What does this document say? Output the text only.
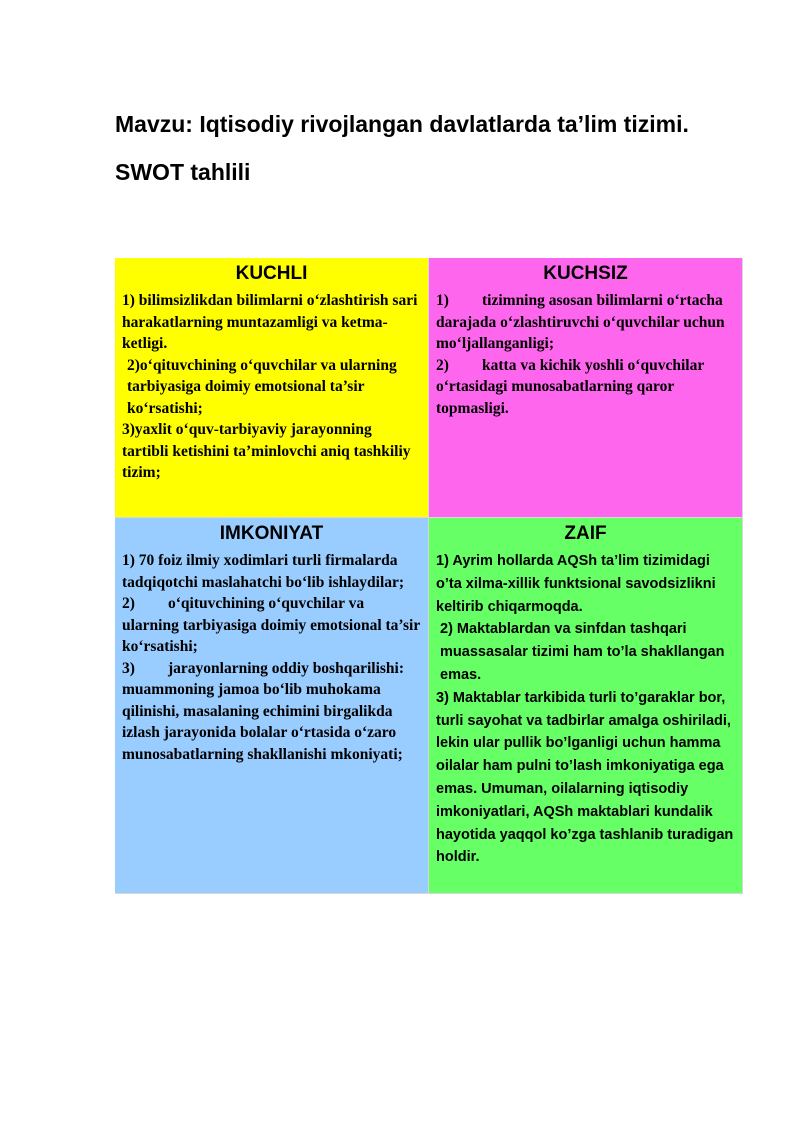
Mavzu: Iqtisodiy rivojlangan davlatlarda ta’lim tizimi.
SWOT tahlili
KUCHLI

1) bilimsizlikdan bilimlarni o‘zlashtirish sari harakatlarning muntazamligi va ketma-ketligi.

2)o‘qituvchining o‘quvchilar va ularning tarbiyasiga doimiy emotsional ta’sir ko‘rsatishi;

3)yaxlit o‘quv-tarbiyaviy jarayonning tartibli ketishini ta’minlovchi aniq tashkiliy tizim;

KUCHSIZ

1) tizimning asosan bilimlarni o‘rtacha darajada o‘zlashtiruvchi o‘quvchilar uchun mo‘ljallanganligi;

2) katta va kichik yoshli o‘quvchilar o‘rtasidagi munosabatlarning qaror topmasligi.

IMKONIYAT

1) 70 foiz ilmiy xodimlari turli firmalarda tadqiqotchi maslahatchi bo‘lib ishlaydilar;

2) o‘qituvchining o‘quvchilar va ularning tarbiyasiga doimiy emotsional ta’sir ko‘rsatishi;

3) jarayonlarning oddiy boshqarilishi: muammoning jamoa bo‘lib muhokama qilinishi, masalaning echimini birgalikda izlash jarayonida bolalar o‘rtasida o‘zaro munosabatlarning shakllanishi mkoniyati;

ZAIF

1) Ayrim hollarda AQSh ta’lim tizimidagi o’ta xilma-xillik funktsional savodsizlikni keltirib chiqarmoqda.

2) Maktablardan va sinfdan tashqari muassasalar tizimi ham to’la shakllangan emas.

3) Maktablar tarkibida turli to’garaklar bor, turli sayohat va tadbirlar amalga oshiriladi, lekin ular pullik bo’lganligi uchun hamma oilalar ham pulni to’lash imkoniyatiga ega emas. Umuman, oilalarning iqtisodiy imkoniyatlari, AQSh maktablari kundalik hayotida yaqqol ko’zga tashlanib turadigan holdir.
